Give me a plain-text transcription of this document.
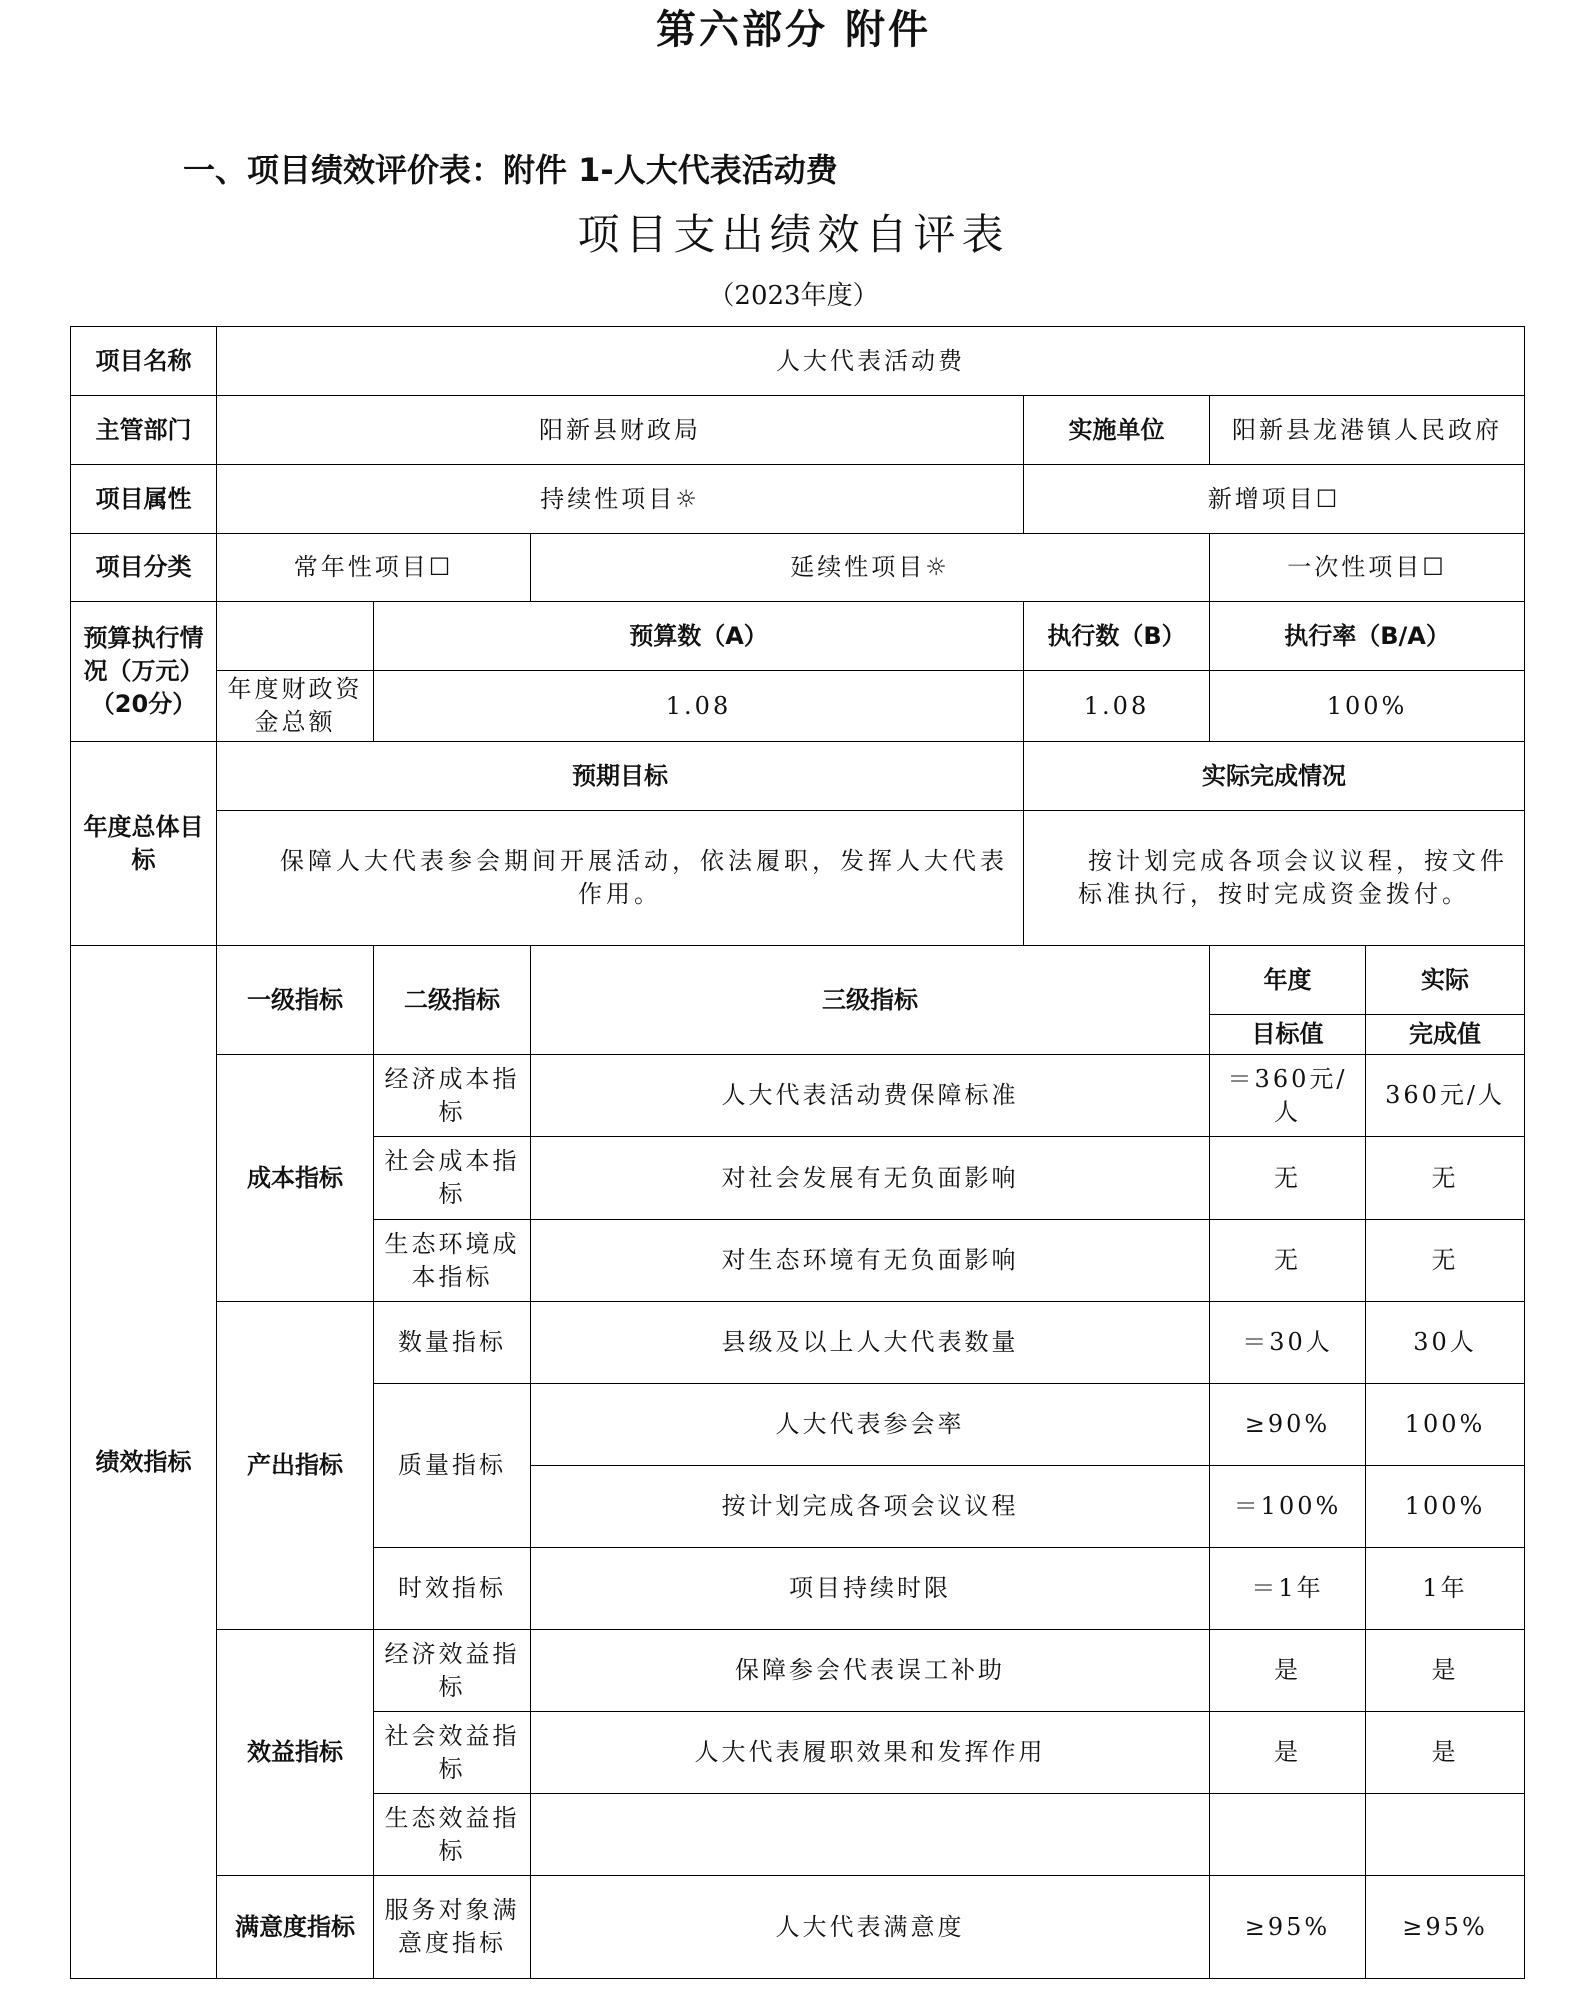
第六部分 附件
一、项目绩效评价表：附件 1-人大代表活动费
项目支出绩效自评表
（2023年度）
项目名称	人大代表活动费					
主管部门	阳新县财政局			实施单位	阳新县龙港镇人民政府	
项目属性	持续性项目☼			新增项目☐		
项目分类	常年性项目☐		延续性项目☼		一次性项目☐	
预算执行情况（万元）（20分）		预算数（A）		执行数（B）	执行率（B/A）	
	年度财政资金总额	1.08		1.08	100%	
年度总体目标	预期目标			实际完成情况		

	保障人大代表参会期间开展活动，依法履职，发挥人大代表作用。			按计划完成各项会议议程，按文件标准执行，按时完成资金拨付。		

绩效指标	一级指标	二级指标	三级指标		年度	实际
					目标值	完成值
	成本指标	经济成本指标	人大代表活动费保障标准		＝360元/人	360元/人
		社会成本指标	对社会发展有无负面影响		无	无
		生态环境成本指标	对生态环境有无负面影响		无	无
	产出指标	数量指标	县级及以上人大代表数量		＝30人	30人
		质量指标	人大代表参会率		≥90%	100%
			按计划完成各项会议议程		＝100%	100%
		时效指标	项目持续时限		＝1年	1年
	效益指标	经济效益指标	保障参会代表误工补助		是	是
		社会效益指标	人大代表履职效果和发挥作用		是	是
		生态效益指标				
	满意度指标	服务对象满意度指标	人大代表满意度		≥95%	≥95%
